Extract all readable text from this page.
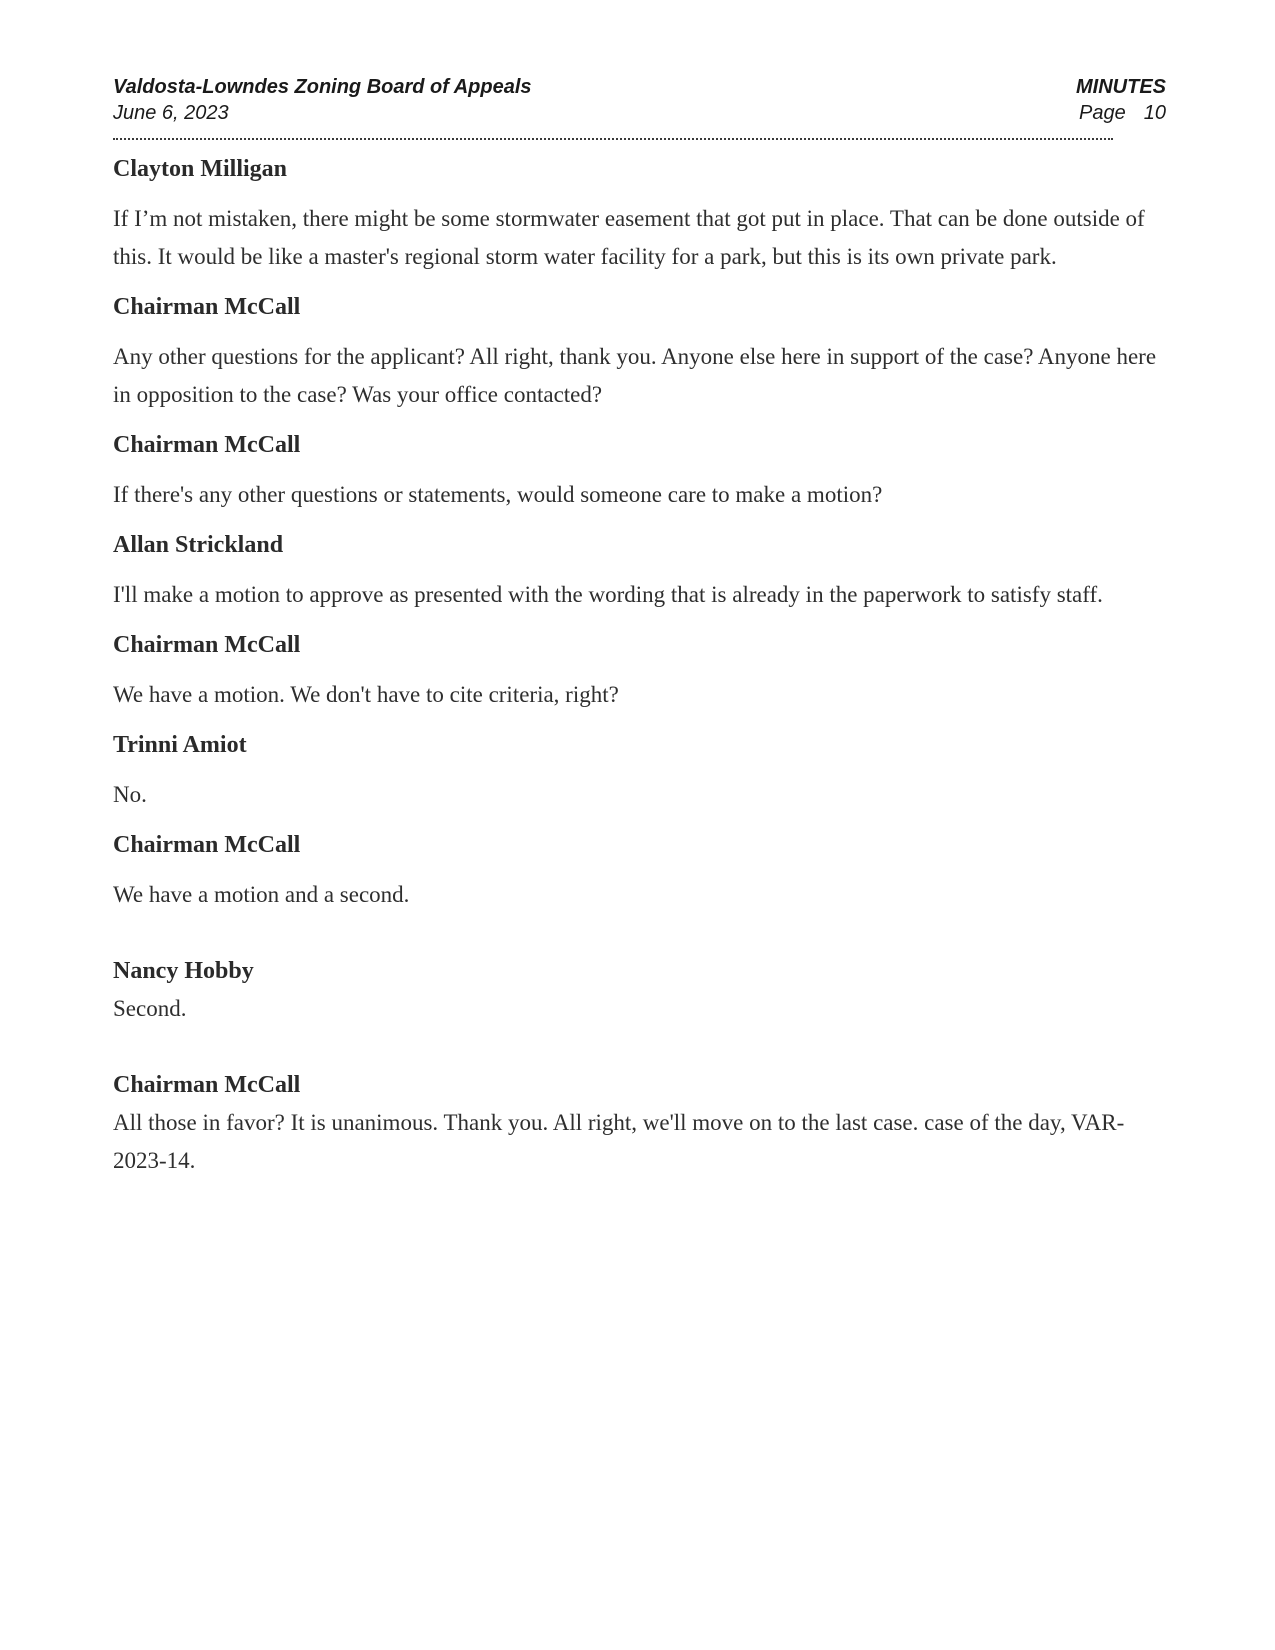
Valdosta-Lowndes Zoning Board of Appeals	MINUTES
June 6, 2023	Page 10
Clayton Milligan
If I’m not mistaken, there might be some stormwater easement that got put in place. That can be done outside of this. It would be like a master's regional storm water facility for a park, but this is its own private park.
Chairman McCall
Any other questions for the applicant? All right, thank you. Anyone else here in support of the case? Anyone here in opposition to the case? Was your office contacted?
Chairman McCall
If there's any other questions or statements, would someone care to make a motion?
Allan Strickland
I'll make a motion to approve as presented with the wording that is already in the paperwork to satisfy staff.
Chairman McCall
We have a motion. We don't have to cite criteria, right?
Trinni Amiot
No.
Chairman McCall
We have a motion and a second.
Nancy Hobby
Second.
Chairman McCall
All those in favor? It is unanimous. Thank you. All right, we'll move on to the last case. case of the day, VAR-2023-14.
